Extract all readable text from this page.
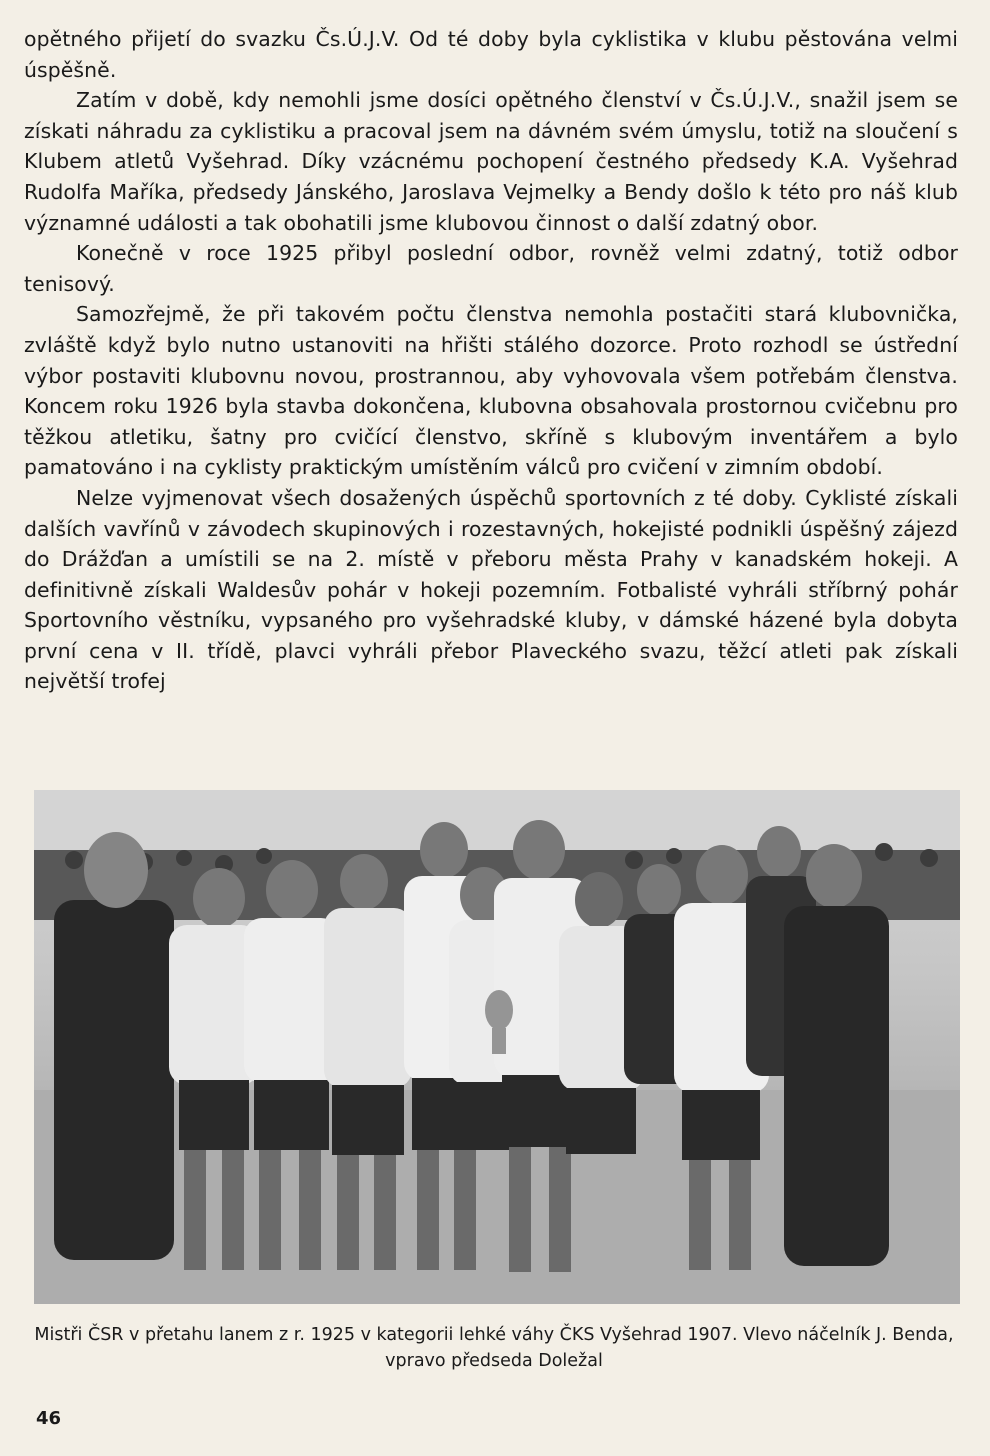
opětného přijetí do svazku Čs.Ú.J.V. Od té doby byla cyklistika v klubu pěstována velmi úspěšně.

Zatím v době, kdy nemohli jsme dosíci opětného členství v Čs.Ú.J.V., snažil jsem se získati náhradu za cyklistiku a pracoval jsem na dávném svém úmyslu, totiž na sloučení s Klubem atletů Vyšehrad. Díky vzácnému pochopení čestného předsedy K.A. Vyšehrad Rudolfa Maříka, předsedy Jánského, Jaroslava Vejmelky a Bendy došlo k této pro náš klub významné události a tak obohatili jsme klubovou činnost o další zdatný obor.

Konečně v roce 1925 přibyl poslední odbor, rovněž velmi zdatný, totiž odbor tenisový.

Samozřejmě, že při takovém počtu členstva nemohla postačiti stará klubovnička, zvláště když bylo nutno ustanoviti na hřišti stálého dozorce. Proto rozhodl se ústřední výbor postaviti klubovnu novou, prostrannou, aby vyhovovala všem potřebám členstva. Koncem roku 1926 byla stavba dokončena, klubovna obsahovala prostornou cvičebnu pro těžkou atletiku, šatny pro cvičící členstvo, skříně s klubovým inventářem a bylo pamatováno i na cyklisty praktickým umístěním válců pro cvičení v zimním období.

Nelze vyjmenovat všech dosažených úspěchů sportovních z té doby. Cyklisté získali dalších vavřínů v závodech skupinových i rozestavných, hokejisté podnikli úspěšný zájezd do Drážďan a umístili se na 2. místě v přeboru města Prahy v kanadském hokeji. A definitivně získali Waldesův pohár v hokeji pozemním. Fotbalisté vyhráli stříbrný pohár Sportovního věstníku, vypsaného pro vyšehradské kluby, v dámské házené byla dobyta první cena v II. třídě, plavci vyhráli přebor Plaveckého svazu, těžcí atleti pak získali největší trofej

Mistři ČSR v přetahu lanem z r. 1925 v kategorii lehké váhy ČKS Vyšehrad 1907. Vlevo náčelník J. Benda, vpravo předseda Doležal
46
